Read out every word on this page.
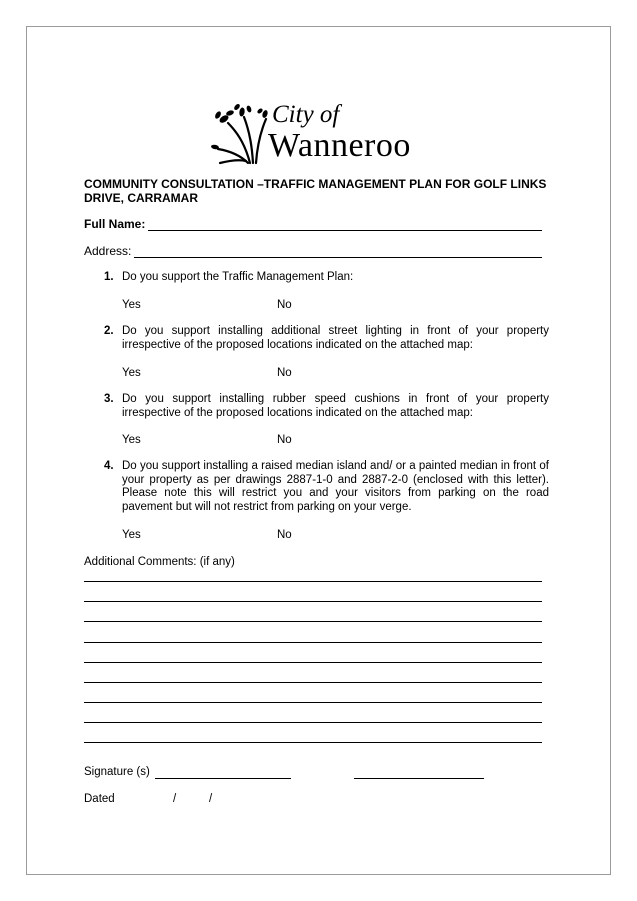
City of
Wanneroo
COMMUNITY CONSULTATION –TRAFFIC MANAGEMENT PLAN FOR GOLF LINKS DRIVE, CARRAMAR
Full Name:
Address:
1. Do you support the Traffic Management Plan:
Yes	No
2. Do you support installing additional street lighting in front of your property irrespective of the proposed locations indicated on the attached map:
Yes	No
3. Do you support installing rubber speed cushions in front of your property irrespective of the proposed locations indicated on the attached map:
Yes	No
4. Do you support installing a raised median island and/ or a painted median in front of your property as per drawings 2887-1-0 and 2887-2-0 (enclosed with this letter). Please note this will restrict you and your visitors from parking on the road pavement but will not restrict from parking on your verge.
Yes	No
Additional Comments: (if any)
Signature (s)
Dated	/	/
